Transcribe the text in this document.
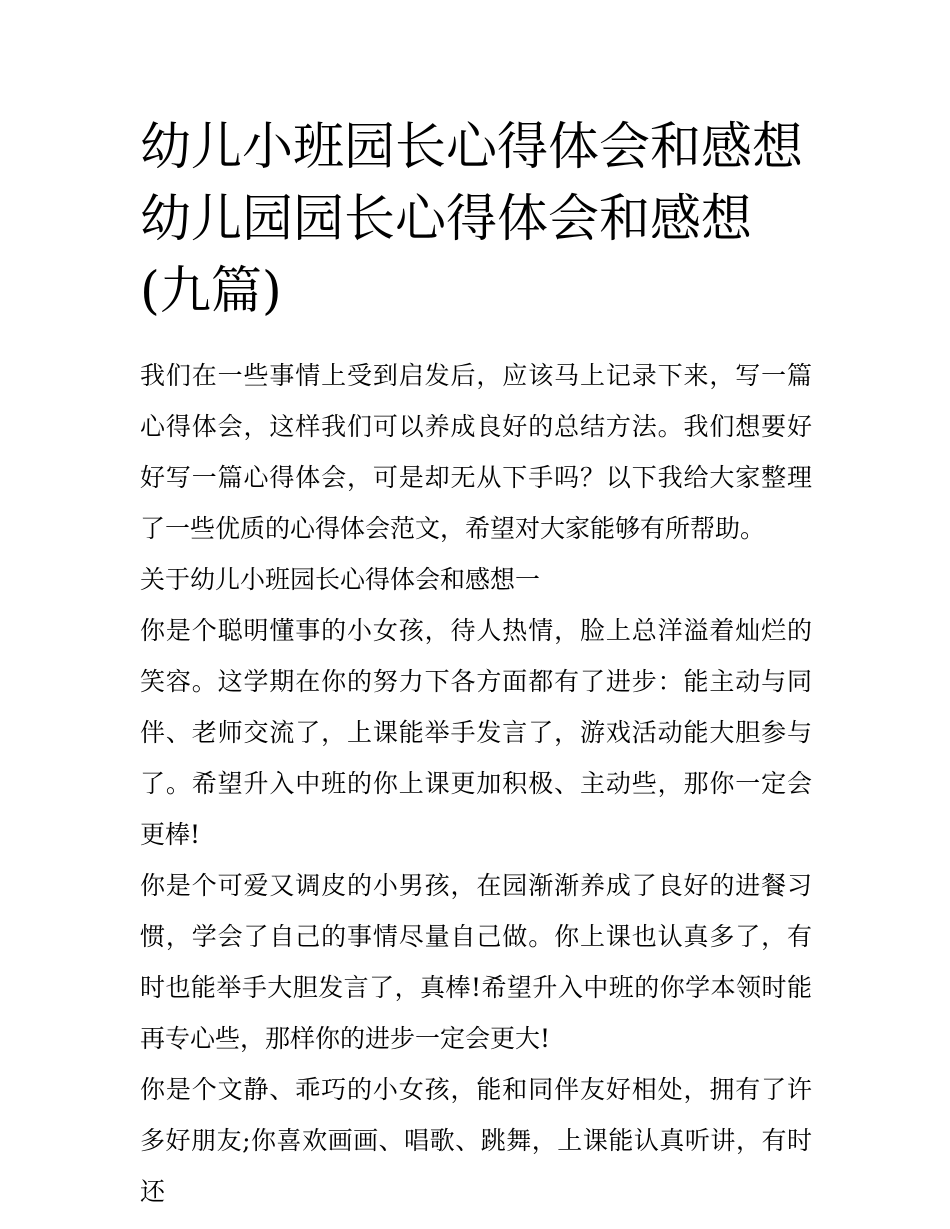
幼儿小班园长心得体会和感想 幼儿园园长心得体会和感想(九篇)

我们在一些事情上受到启发后，应该马上记录下来，写一篇心得体会，这样我们可以养成良好的总结方法。我们想要好好写一篇心得体会，可是却无从下手吗？以下我给大家整理了一些优质的心得体会范文，希望对大家能够有所帮助。

关于幼儿小班园长心得体会和感想一

你是个聪明懂事的小女孩，待人热情，脸上总洋溢着灿烂的笑容。这学期在你的努力下各方面都有了进步：能主动与同伴、老师交流了，上课能举手发言了，游戏活动能大胆参与了。希望升入中班的你上课更加积极、主动些，那你一定会更棒!

你是个可爱又调皮的小男孩，在园渐渐养成了良好的进餐习惯，学会了自己的事情尽量自己做。你上课也认真多了，有时也能举手大胆发言了，真棒!希望升入中班的你学本领时能再专心些，那样你的进步一定会更大!

你是个文静、乖巧的小女孩，能和同伴友好相处，拥有了许多好朋友;你喜欢画画、唱歌、跳舞，上课能认真听讲，有时还
